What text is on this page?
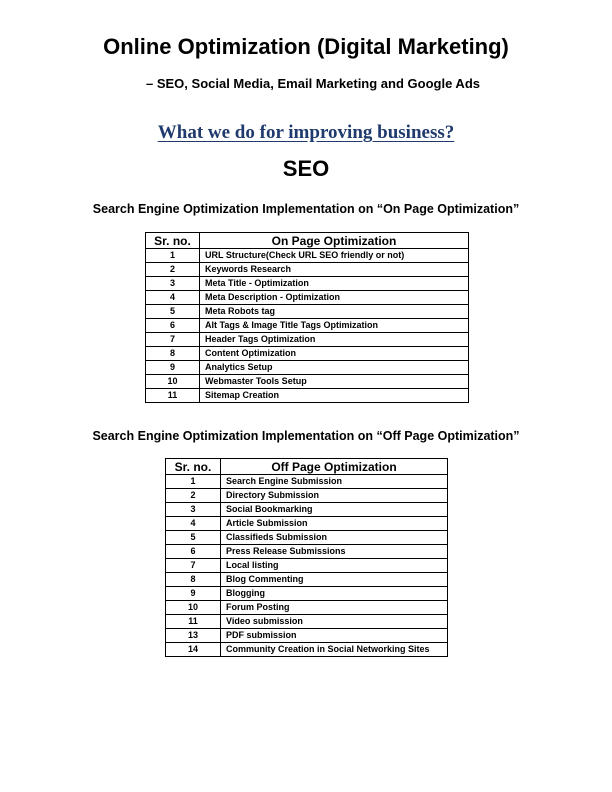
Online Optimization (Digital Marketing)

– SEO, Social Media, Email Marketing and Google Ads

What we do for improving business?
SEO

Search Engine Optimization Implementation on “On Page Optimization”

Sr. no.	On Page Optimization
1	URL Structure(Check URL SEO friendly or not)
2	Keywords Research
3	Meta Title - Optimization
4	Meta Description - Optimization
5	Meta Robots tag
6	Alt Tags & Image Title Tags Optimization
7	Header Tags Optimization
8	Content Optimization
9	Analytics Setup
10	Webmaster Tools Setup
11	Sitemap Creation

Search Engine Optimization Implementation on “Off Page Optimization”

Sr. no.	Off Page Optimization
1	Search Engine Submission
2	Directory Submission
3	Social Bookmarking
4	Article Submission
5	Classifieds Submission
6	Press Release Submissions
7	Local listing
8	Blog Commenting
9	Blogging
10	Forum Posting
11	Video submission
13	PDF submission
14	Community Creation in Social Networking Sites
